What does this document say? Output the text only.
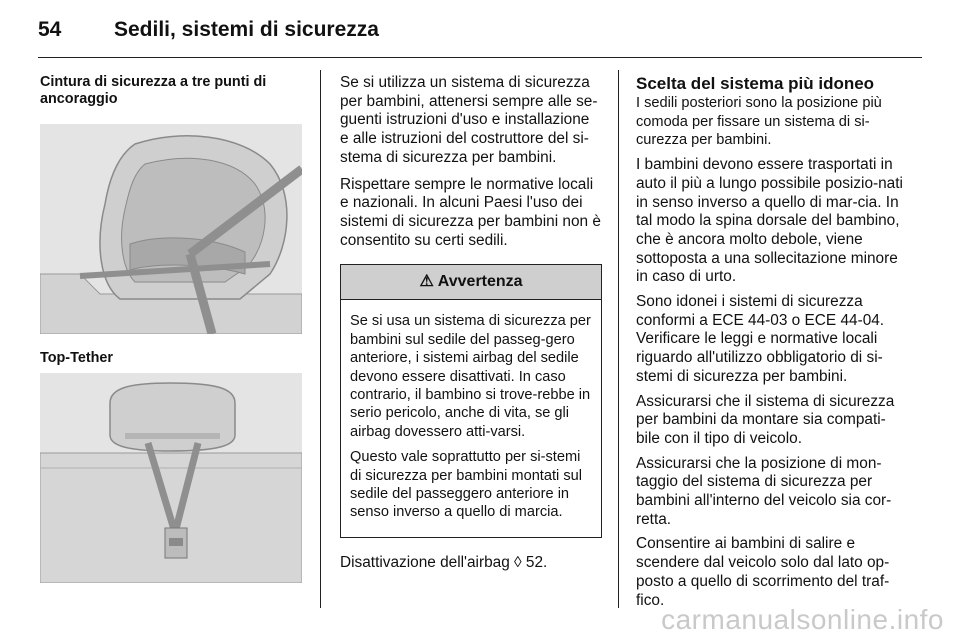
54	Sedili, sistemi di sicurezza

Cintura di sicurezza a tre punti di ancoraggio

Top-Tether

Se si utilizza un sistema di sicurezza per bambini, attenersi sempre alle se-guenti istruzioni d'uso e installazione e alle istruzioni del costruttore del si-stema di sicurezza per bambini.

Rispettare sempre le normative locali e nazionali. In alcuni Paesi l'uso dei sistemi di sicurezza per bambini non è consentito su certi sedili.

⚠ Avvertenza

Se si usa un sistema di sicurezza per bambini sul sedile del passeg-gero anteriore, i sistemi airbag del sedile devono essere disattivati. In caso contrario, il bambino si trove-rebbe in serio pericolo, anche di vita, se gli airbag dovessero atti-varsi.

Questo vale soprattutto per si-stemi di sicurezza per bambini montati sul sedile del passeggero anteriore in senso inverso a quello di marcia.

Disattivazione dell'airbag ◊ 52.

Scelta del sistema più idoneo

I sedili posteriori sono la posizione più comoda per fissare un sistema di si-curezza per bambini.

I bambini devono essere trasportati in auto il più a lungo possibile posizio-nati in senso inverso a quello di mar-cia. In tal modo la spina dorsale del bambino, che è ancora molto debole, viene sottoposta a una sollecitazione minore in caso di urto.

Sono idonei i sistemi di sicurezza conformi a ECE 44-03 o ECE 44-04. Verificare le leggi e normative locali riguardo all'utilizzo obbligatorio di si-stemi di sicurezza per bambini.

Assicurarsi che il sistema di sicurezza per bambini da montare sia compati-bile con il tipo di veicolo.

Assicurarsi che la posizione di mon-taggio del sistema di sicurezza per bambini all'interno del veicolo sia cor-retta.

Consentire ai bambini di salire e scendere dal veicolo solo dal lato op-posto a quello di scorrimento del traf-fico.

carmanualsonline.info
